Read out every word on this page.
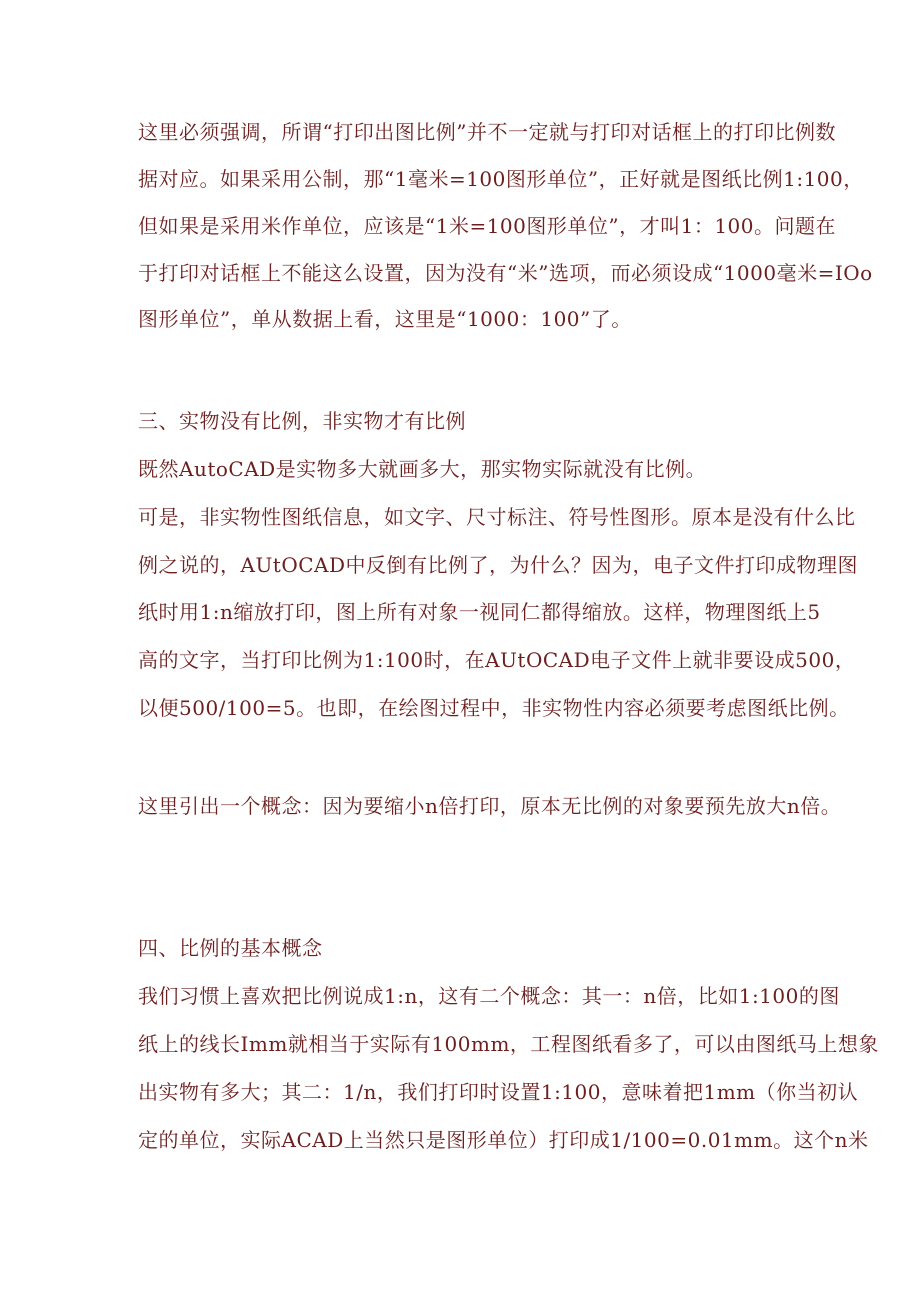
这里必须强调，所谓“打印出图比例”并不一定就与打印对话框上的打印比例数
据对应。如果采用公制，那“1毫米=100图形单位”，正好就是图纸比例1:100，
但如果是采用米作单位，应该是“1米=100图形单位”，才叫1：100。问题在
于打印对话框上不能这么设置，因为没有“米”选项，而必须设成“1000毫米=IOo
图形单位”，单从数据上看，这里是“1000：100”了。
三、实物没有比例，非实物才有比例
既然AutoCAD是实物多大就画多大，那实物实际就没有比例。
可是，非实物性图纸信息，如文字、尺寸标注、符号性图形。原本是没有什么比
例之说的，AUtOCAD中反倒有比例了，为什么？因为，电子文件打印成物理图
纸时用1:n缩放打印，图上所有对象一视同仁都得缩放。这样，物理图纸上5
高的文字，当打印比例为1:100时，在AUtOCAD电子文件上就非要设成500，
以便500/100=5。也即，在绘图过程中，非实物性内容必须要考虑图纸比例。
这里引出一个概念：因为要缩小n倍打印，原本无比例的对象要预先放大n倍。
四、比例的基本概念
我们习惯上喜欢把比例说成1:n，这有二个概念：其一：n倍，比如1:100的图
纸上的线长Imm就相当于实际有100mm，工程图纸看多了，可以由图纸马上想象
出实物有多大；其二：1/n，我们打印时设置1:100，意味着把1mm（你当初认
定的单位，实际ACAD上当然只是图形单位）打印成1/100=0.01mm。这个n米
